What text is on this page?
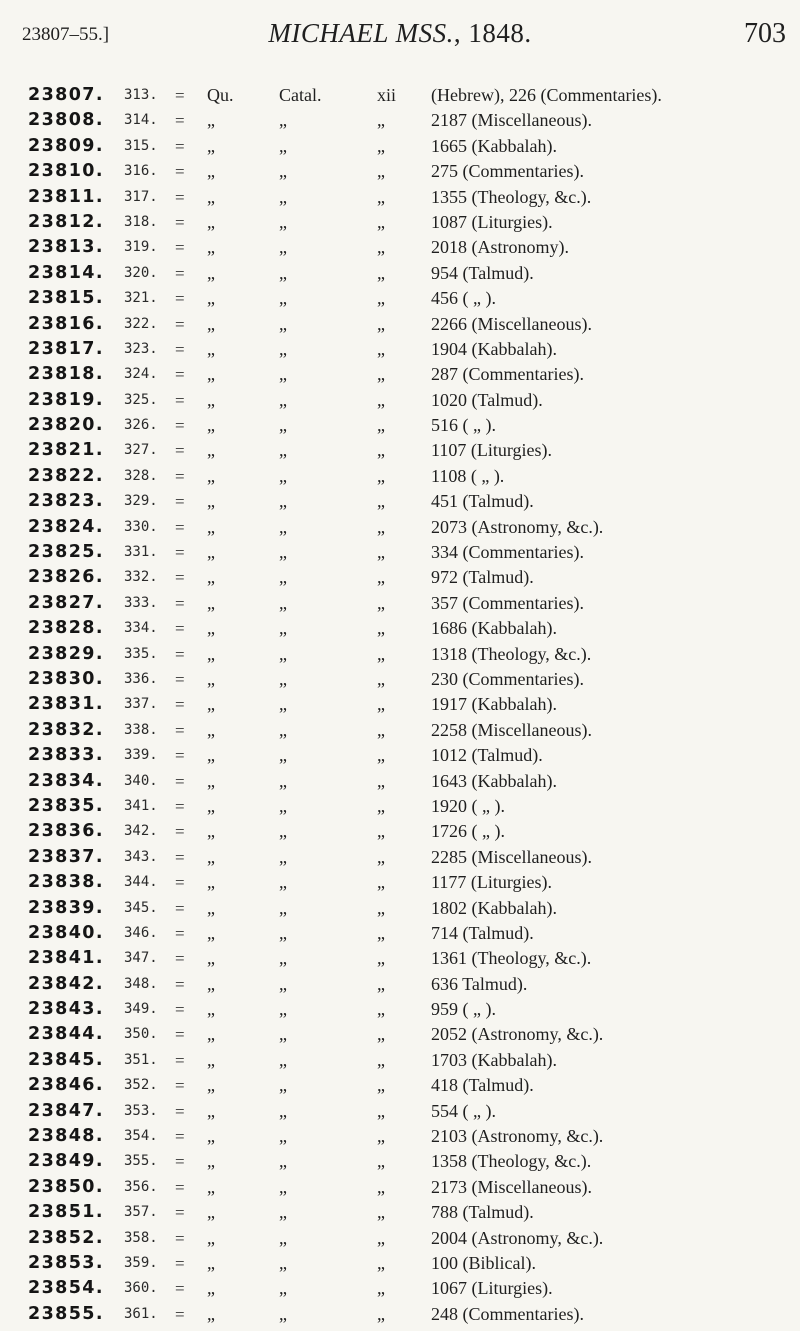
23807–55.]	MICHAEL MSS., 1848.	703
23807. 313. = Qu.	Catal.	xii (Hebrew), 226 (Commentaries).
23808. 314. = „	„	„	2187 (Miscellaneous).
23809. 315. = „	„	„	1665 (Kabbalah).
23810. 316. = „	„	„	275 (Commentaries).
23811. 317. = „	„	„	1355 (Theology, &c.).
23812. 318. = „	„	„	1087 (Liturgies).
23813. 319. = „	„	„	2018 (Astronomy).
23814. 320. = „	„	„	954 (Talmud).
23815. 321. = „	„	„	456 ( „ ).
23816. 322. = „	„	„	2266 (Miscellaneous).
23817. 323. = „	„	„	1904 (Kabbalah).
23818. 324. = „	„	„	287 (Commentaries).
23819. 325. = „	„	„	1020 (Talmud).
23820. 326. = „	„	„	516 ( „ ).
23821. 327. = „	„	„	1107 (Liturgies).
23822. 328. = „	„	„	1108 ( „ ).
23823. 329. = „	„	„	451 (Talmud).
23824. 330. = „	„	„	2073 (Astronomy, &c.).
23825. 331. = „	„	„	334 (Commentaries).
23826. 332. = „	„	„	972 (Talmud).
23827. 333. = „	„	„	357 (Commentaries).
23828. 334. = „	„	„	1686 (Kabbalah).
23829. 335. = „	„	„	1318 (Theology, &c.).
23830. 336. = „	„	„	230 (Commentaries).
23831. 337. = „	„	„	1917 (Kabbalah).
23832. 338. = „	„	„	2258 (Miscellaneous).
23833. 339. = „	„	„	1012 (Talmud).
23834. 340. = „	„	„	1643 (Kabbalah).
23835. 341. = „	„	„	1920 ( „ ).
23836. 342. = „	„	„	1726 ( „ ).
23837. 343. = „	„	„	2285 (Miscellaneous).
23838. 344. = „	„	„	1177 (Liturgies).
23839. 345. = „	„	„	1802 (Kabbalah).
23840. 346. = „	„	„	714 (Talmud).
23841. 347. = „	„	„	1361 (Theology, &c.).
23842. 348. = „	„	„	636 Talmud).
23843. 349. = „	„	„	959 ( „ ).
23844. 350. = „	„	„	2052 (Astronomy, &c.).
23845. 351. = „	„	„	1703 (Kabbalah).
23846. 352. = „	„	„	418 (Talmud).
23847. 353. = „	„	„	554 ( „ ).
23848. 354. = „	„	„	2103 (Astronomy, &c.).
23849. 355. = „	„	„	1358 (Theology, &c.).
23850. 356. = „	„	„	2173 (Miscellaneous).
23851. 357. = „	„	„	788 (Talmud).
23852. 358. = „	„	„	2004 (Astronomy, &c.).
23853. 359. = „	„	„	100 (Biblical).
23854. 360. = „	„	„	1067 (Liturgies).
23855. 361. = „	„	„	248 (Commentaries).
